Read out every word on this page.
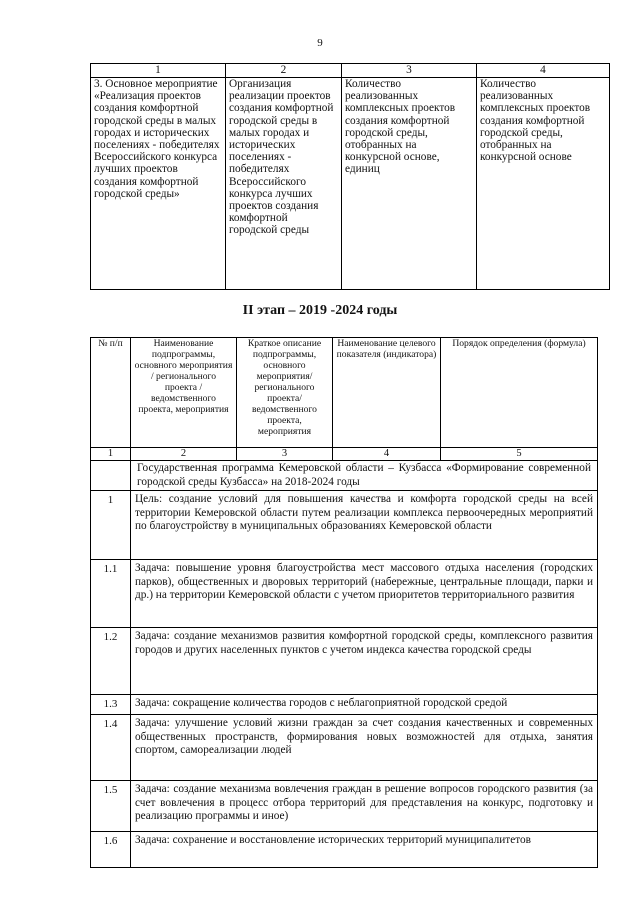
9
1	2	3	4
3. Основное мероприятие «Реализация проектов создания комфортной городской среды в малых городах и исторических поселениях - победителях Всероссийского конкурса лучших проектов создания комфортной городской среды»	Организация реализации проектов создания комфортной городской среды в малых городах и исторических поселениях - победителях Всероссийского конкурса лучших проектов создания комфортной городской среды	Количество реализованных комплексных проектов создания комфортной городской среды, отобранных на конкурсной основе, единиц	Количество реализованных комплексных проектов создания комфортной городской среды, отобранных на конкурсной основе
II этап – 2019 -2024 годы
№ п/п	Наименование подпрограммы, основного мероприятия / регионального проекта / ведомственного проекта, мероприятия	Краткое описание подпрограммы, основного мероприятия/ регионального проекта/ ведомственного проекта, мероприятия	Наименование целевого показателя (индикатора)	Порядок определения (формула)
1	2	3	4	5
	Государственная программа Кемеровской области – Кузбасса «Формирование современной городской среды Кузбасса» на 2018-2024 годы			
1	Цель: создание условий для повышения качества и комфорта городской среды на всей территории Кемеровской области путем реализации комплекса первоочередных мероприятий по благоустройству в муниципальных образованиях Кемеровской области			
1.1	Задача: повышение уровня благоустройства мест массового отдыха населения (городских парков), общественных и дворовых территорий (набережные, центральные площади, парки и др.) на территории Кемеровской области с учетом приоритетов территориального развития			
1.2	Задача: создание механизмов развития комфортной городской среды, комплексного развития городов и других населенных пунктов с учетом индекса качества городской среды			
1.3	Задача: сокращение количества городов с неблагоприятной городской средой			
1.4	Задача: улучшение условий жизни граждан за счет создания качественных и современных общественных пространств, формирования новых возможностей для отдыха, занятия спортом, самореализации людей			
1.5	Задача: создание механизма вовлечения граждан в решение вопросов городского развития (за счет вовлечения в процесс отбора территорий для представления на конкурс, подготовку и реализацию программы и иное)			
1.6	Задача: сохранение и восстановление исторических территорий муниципалитетов			
